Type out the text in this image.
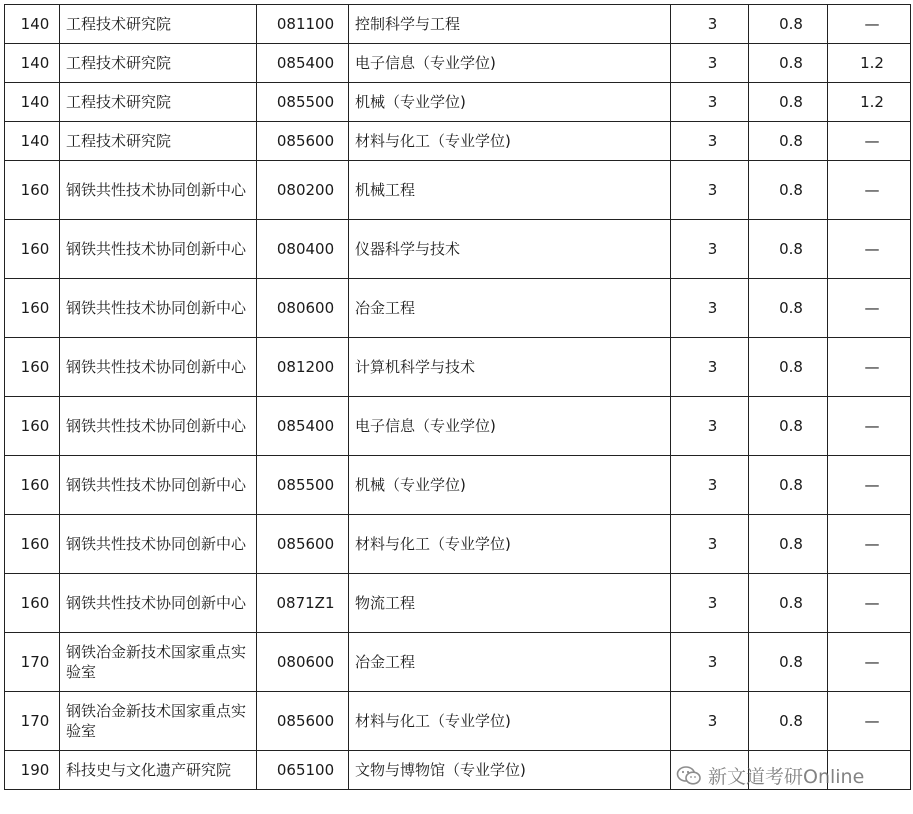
140	工程技术研究院	081100	控制科学与工程	3	0.8	—
140	工程技术研究院	085400	电子信息（专业学位)	3	0.8	1.2
140	工程技术研究院	085500	机械（专业学位)	3	0.8	1.2
140	工程技术研究院	085600	材料与化工（专业学位)	3	0.8	—
160	钢铁共性技术协同创新中心	080200	机械工程	3	0.8	—
160	钢铁共性技术协同创新中心	080400	仪器科学与技术	3	0.8	—
160	钢铁共性技术协同创新中心	080600	冶金工程	3	0.8	—
160	钢铁共性技术协同创新中心	081200	计算机科学与技术	3	0.8	—
160	钢铁共性技术协同创新中心	085400	电子信息（专业学位)	3	0.8	—
160	钢铁共性技术协同创新中心	085500	机械（专业学位)	3	0.8	—
160	钢铁共性技术协同创新中心	085600	材料与化工（专业学位)	3	0.8	—
160	钢铁共性技术协同创新中心	0871Z1	物流工程	3	0.8	—
170	钢铁冶金新技术国家重点实验室	080600	冶金工程	3	0.8	—
170	钢铁冶金新技术国家重点实验室	085600	材料与化工（专业学位)	3	0.8	—
190	科技史与文化遗产研究院	065100	文物与博物馆（专业学位)				新文道考研Online
